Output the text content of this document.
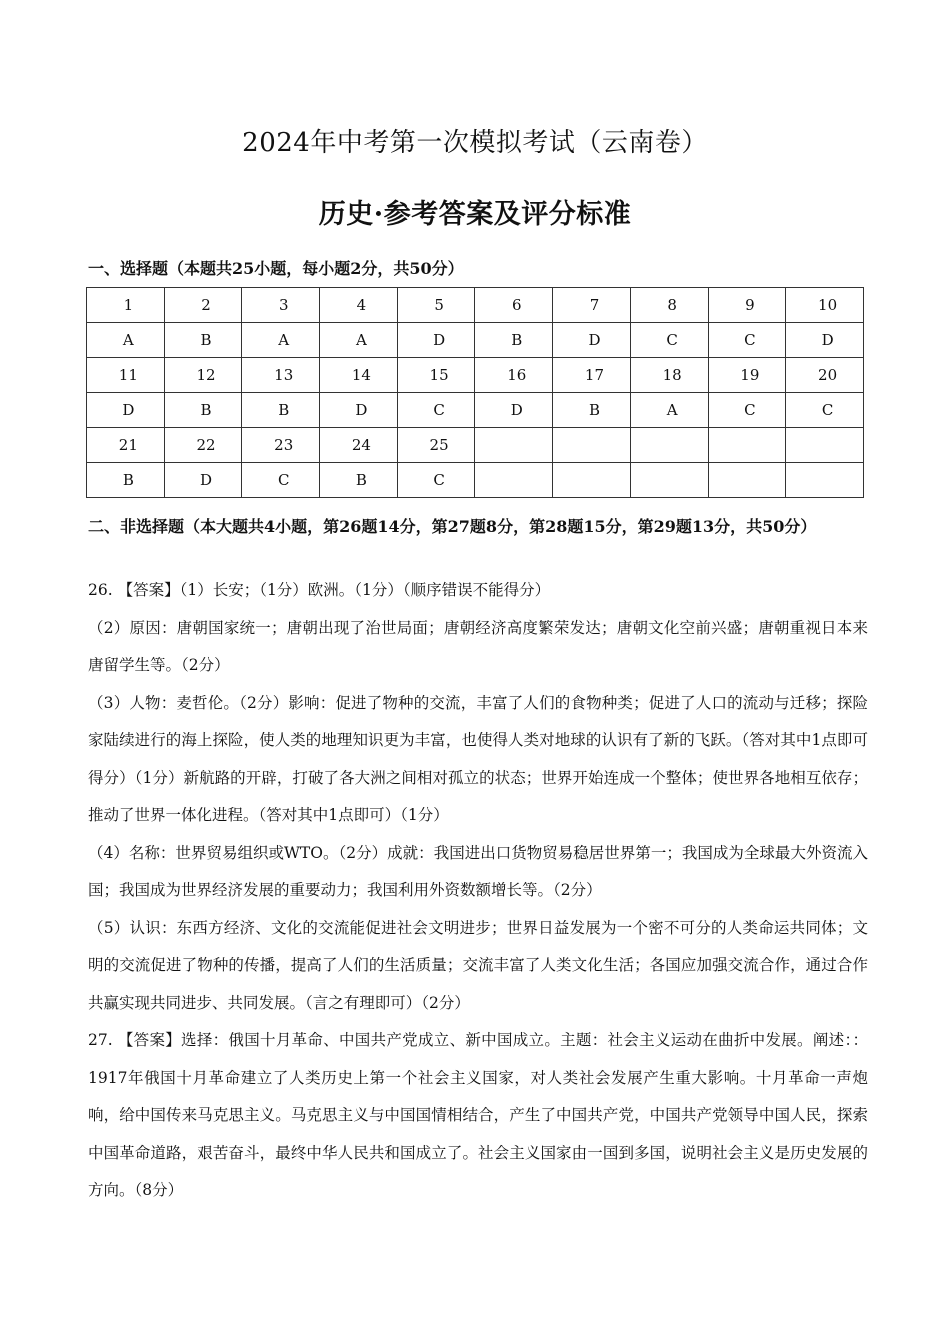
2024年中考第一次模拟考试（云南卷）
历史·参考答案及评分标准
一、选择题（本题共25小题，每小题2分，共50分）
1	2	3	4	5	6	7	8	9	10
A	B	A	A	D	B	D	C	C	D
11	12	13	14	15	16	17	18	19	20
D	B	B	D	C	D	B	A	C	C
21	22	23	24	25					
B	D	C	B	C					
二、非选择题（本大题共4小题，第26题14分，第27题8分，第28题15分，第29题13分，共50分）

26. 【答案】（1）长安；（1分）欧洲。（1分）（顺序错误不能得分）

（2）原因：唐朝国家统一；唐朝出现了治世局面；唐朝经济高度繁荣发达；唐朝文化空前兴盛；唐朝重视日本来唐留学生等。（2分）

（3）人物：麦哲伦。（2分）影响：促进了物种的交流，丰富了人们的食物种类；促进了人口的流动与迁移；探险家陆续进行的海上探险，使人类的地理知识更为丰富，也使得人类对地球的认识有了新的飞跃。（答对其中1点即可得分）（1分）新航路的开辟，打破了各大洲之间相对孤立的状态；世界开始连成一个整体；使世界各地相互依存；推动了世界一体化进程。（答对其中1点即可）（1分）

（4）名称：世界贸易组织或WTO。（2分）成就：我国进出口货物贸易稳居世界第一；我国成为全球最大外资流入国；我国成为世界经济发展的重要动力；我国利用外资数额增长等。（2分）

（5）认识：东西方经济、文化的交流能促进社会文明进步；世界日益发展为一个密不可分的人类命运共同体；文明的交流促进了物种的传播，提高了人们的生活质量；交流丰富了人类文化生活；各国应加强交流合作，通过合作共赢实现共同进步、共同发展。（言之有理即可）（2分）

27. 【答案】选择：俄国十月革命、中国共产党成立、新中国成立。主题：社会主义运动在曲折中发展。阐述：：1917年俄国十月革命建立了人类历史上第一个社会主义国家，对人类社会发展产生重大影响。十月革命一声炮响，给中国传来马克思主义。马克思主义与中国国情相结合，产生了中国共产党，中国共产党领导中国人民，探索中国革命道路，艰苦奋斗，最终中华人民共和国成立了。社会主义国家由一国到多国，说明社会主义是历史发展的方向。（8分）
